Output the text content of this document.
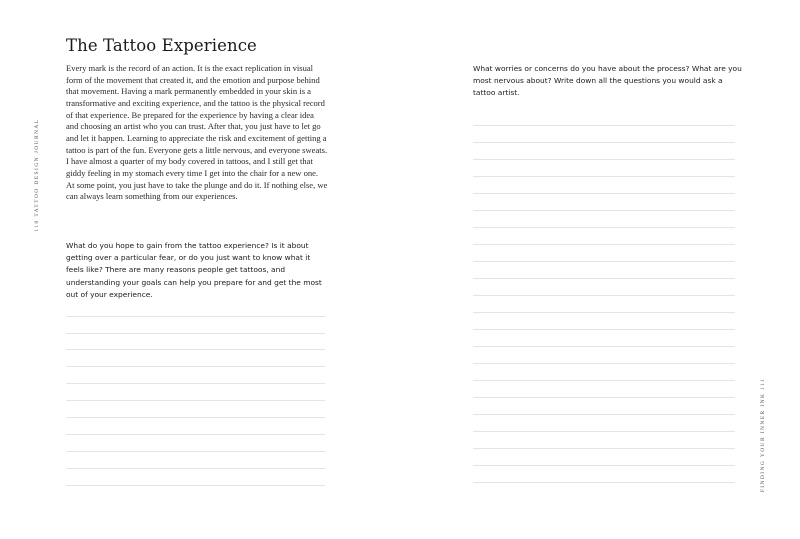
110 TATTOO DESIGN JOURNAL
The Tattoo Experience
Every mark is the record of an action. It is the exact replication in visual form of the movement that created it, and the emotion and purpose behind that movement. Having a mark permanently embedded in your skin is a transformative and exciting experience, and the tattoo is the physical record of that experience. Be prepared for the experience by having a clear idea and choosing an artist who you can trust. After that, you just have to let go and let it happen. Learning to appreciate the risk and excitement of getting a tattoo is part of the fun. Everyone gets a little nervous, and everyone sweats. I have almost a quarter of my body covered in tattoos, and I still get that giddy feeling in my stomach every time I get into the chair for a new one. At some point, you just have to take the plunge and do it. If nothing else, we can always learn something from our experiences.
What do you hope to gain from the tattoo experience? Is it about getting over a particular fear, or do you just want to know what it feels like? There are many reasons people get tattoos, and understanding your goals can help you prepare for and get the most out of your experience.
What worries or concerns do you have about the process? What are you most nervous about? Write down all the questions you would ask a tattoo artist.
FINDING YOUR INNER INK 111
